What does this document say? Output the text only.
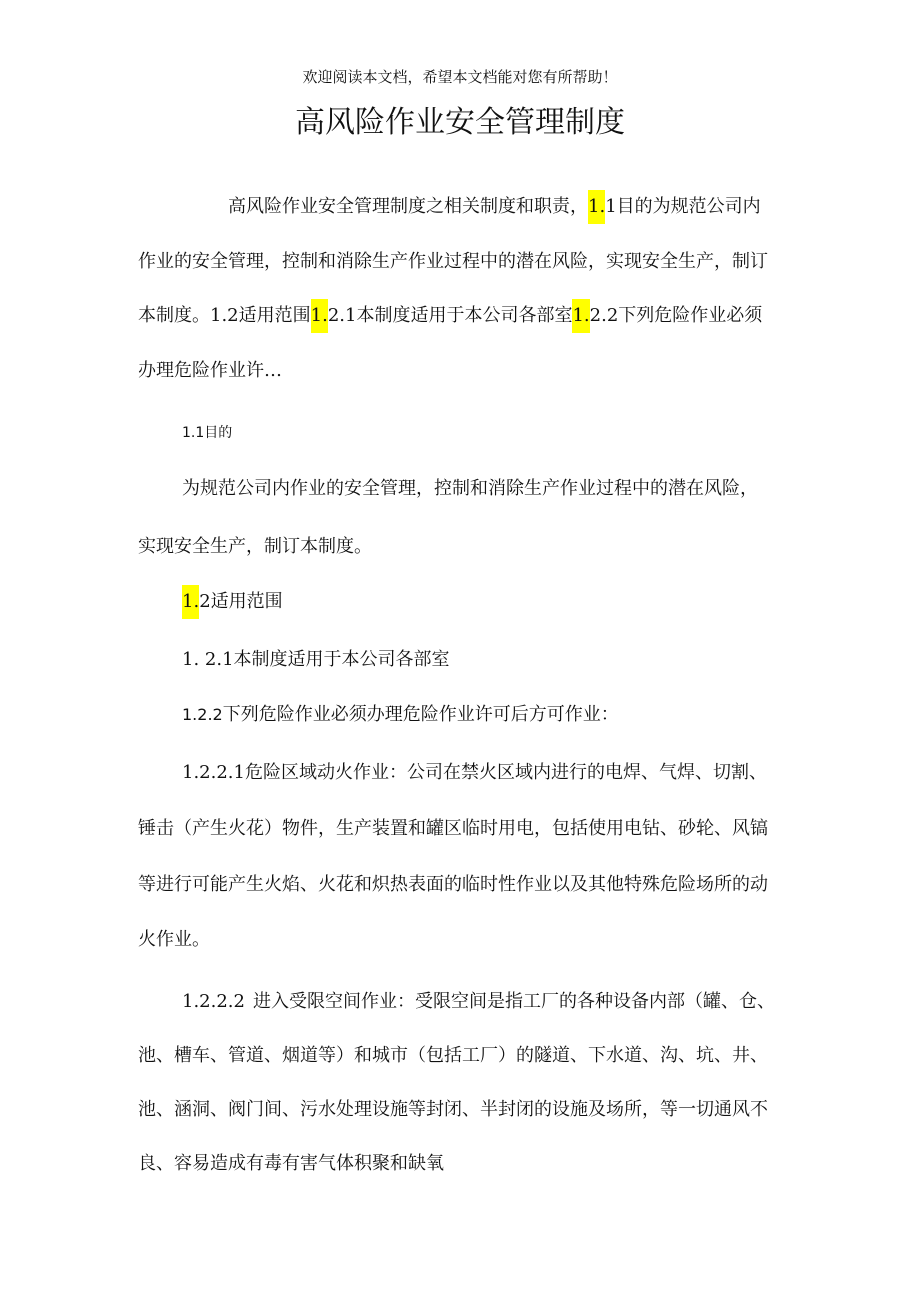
欢迎阅读本文档，希望本文档能对您有所帮助！
高风险作业安全管理制度
高风险作业安全管理制度之相关制度和职责，1.1目的为规范公司内
作业的安全管理，控制和消除生产作业过程中的潜在风险，实现安全生产，制订
本制度。1.2适用范围1.2.1本制度适用于本公司各部室1.2.2下列危险作业必须
办理危险作业许…
1.1目的
为规范公司内作业的安全管理，控制和消除生产作业过程中的潜在风险，
实现安全生产，制订本制度。
1.2适用范围
1. 2.1本制度适用于本公司各部室
1.2.2下列危险作业必须办理危险作业许可后方可作业：
1.2.2.1危险区域动火作业：公司在禁火区域内进行的电焊、气焊、切割、
锤击（产生火花）物件，生产装置和罐区临时用电，包括使用电钻、砂轮、风镐
等进行可能产生火焰、火花和炽热表面的临时性作业以及其他特殊危险场所的动
火作业。
1.2.2.2 进入受限空间作业：受限空间是指工厂的各种设备内部（罐、仓、
池、槽车、管道、烟道等）和城市（包括工厂）的隧道、下水道、沟、坑、井、
池、涵洞、阀门间、污水处理设施等封闭、半封闭的设施及场所，等一切通风不
良、容易造成有毒有害气体积聚和缺氧
